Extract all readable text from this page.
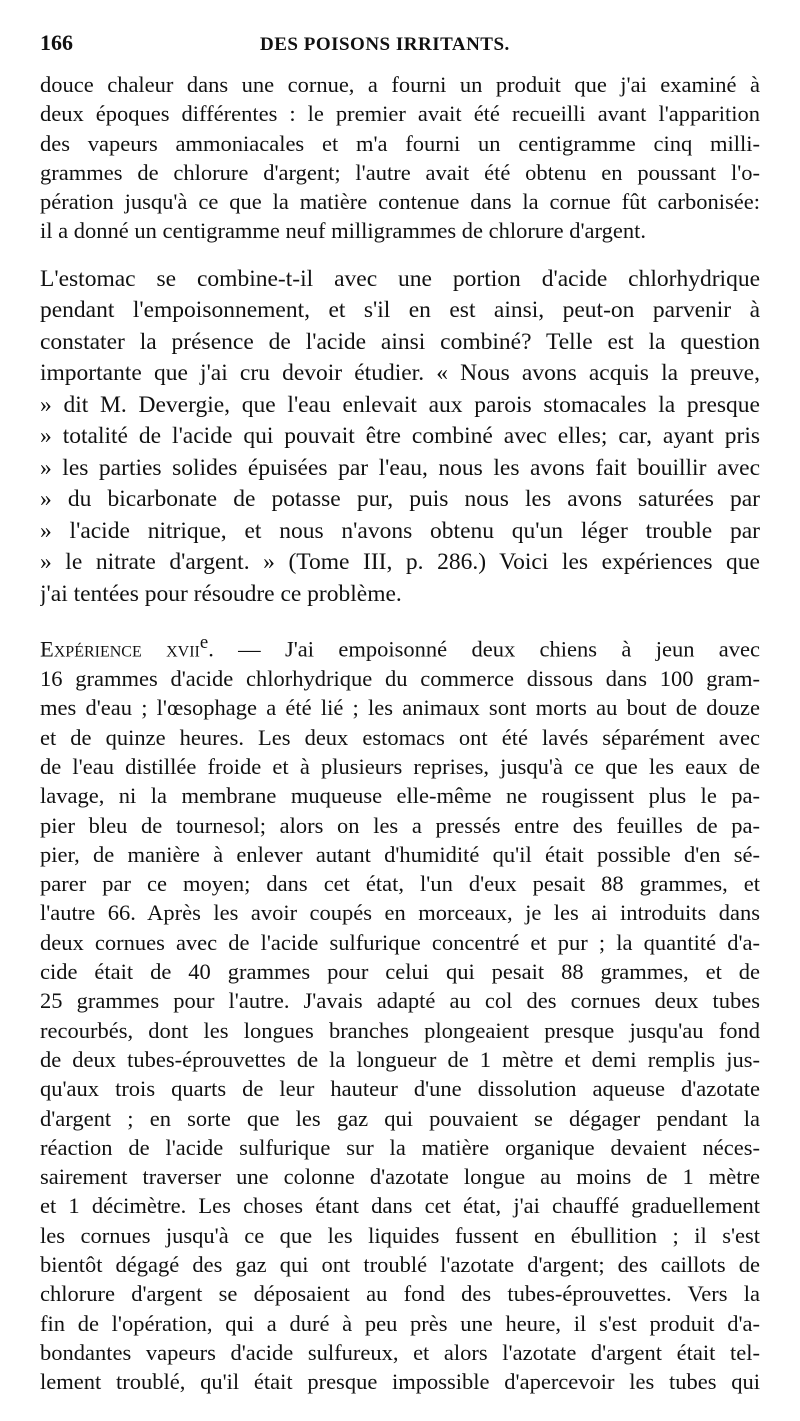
166	DES POISONS IRRITANTS.
douce chaleur dans une cornue, a fourni un produit que j'ai examiné à
deux époques différentes : le premier avait été recueilli avant l'apparition
des vapeurs ammoniacales et m'a fourni un centigramme cinq milli-
grammes de chlorure d'argent; l'autre avait été obtenu en poussant l'o-
pération jusqu'à ce que la matière contenue dans la cornue fût carbonisée:
il a donné un centigramme neuf milligrammes de chlorure d'argent.
L'estomac se combine-t-il avec une portion d'acide chlorhydrique
pendant l'empoisonnement, et s'il en est ainsi, peut-on parvenir à
constater la présence de l'acide ainsi combiné? Telle est la question
importante que j'ai cru devoir étudier. « Nous avons acquis la preuve,
» dit M. Devergie, que l'eau enlevait aux parois stomacales la presque
» totalité de l'acide qui pouvait être combiné avec elles; car, ayant pris
» les parties solides épuisées par l'eau, nous les avons fait bouillir avec
» du bicarbonate de potasse pur, puis nous les avons saturées par
» l'acide nitrique, et nous n'avons obtenu qu'un léger trouble par
» le nitrate d'argent. » (Tome III, p. 286.) Voici les expériences que
j'ai tentées pour résoudre ce problème.
Expérience xvii$^e$. — J'ai empoisonné deux chiens à jeun avec
16 grammes d'acide chlorhydrique du commerce dissous dans 100 gram-
mes d'eau ; l'œsophage a été lié ; les animaux sont morts au bout de douze
et de quinze heures. Les deux estomacs ont été lavés séparément avec
de l'eau distillée froide et à plusieurs reprises, jusqu'à ce que les eaux de
lavage, ni la membrane muqueuse elle-même ne rougissent plus le pa-
pier bleu de tournesol; alors on les a pressés entre des feuilles de pa-
pier, de manière à enlever autant d'humidité qu'il était possible d'en sé-
parer par ce moyen; dans cet état, l'un d'eux pesait 88 grammes, et
l'autre 66. Après les avoir coupés en morceaux, je les ai introduits dans
deux cornues avec de l'acide sulfurique concentré et pur ; la quantité d'a-
cide était de 40 grammes pour celui qui pesait 88 grammes, et de
25 grammes pour l'autre. J'avais adapté au col des cornues deux tubes
recourbés, dont les longues branches plongeaient presque jusqu'au fond
de deux tubes-éprouvettes de la longueur de 1 mètre et demi remplis jus-
qu'aux trois quarts de leur hauteur d'une dissolution aqueuse d'azotate
d'argent ; en sorte que les gaz qui pouvaient se dégager pendant la
réaction de l'acide sulfurique sur la matière organique devaient néces-
sairement traverser une colonne d'azotate longue au moins de 1 mètre
et 1 décimètre. Les choses étant dans cet état, j'ai chauffé graduellement
les cornues jusqu'à ce que les liquides fussent en ébullition ; il s'est
bientôt dégagé des gaz qui ont troublé l'azotate d'argent; des caillots de
chlorure d'argent se déposaient au fond des tubes-éprouvettes. Vers la
fin de l'opération, qui a duré à peu près une heure, il s'est produit d'a-
bondantes vapeurs d'acide sulfureux, et alors l'azotate d'argent était tel-
lement troublé, qu'il était presque impossible d'apercevoir les tubes qui
